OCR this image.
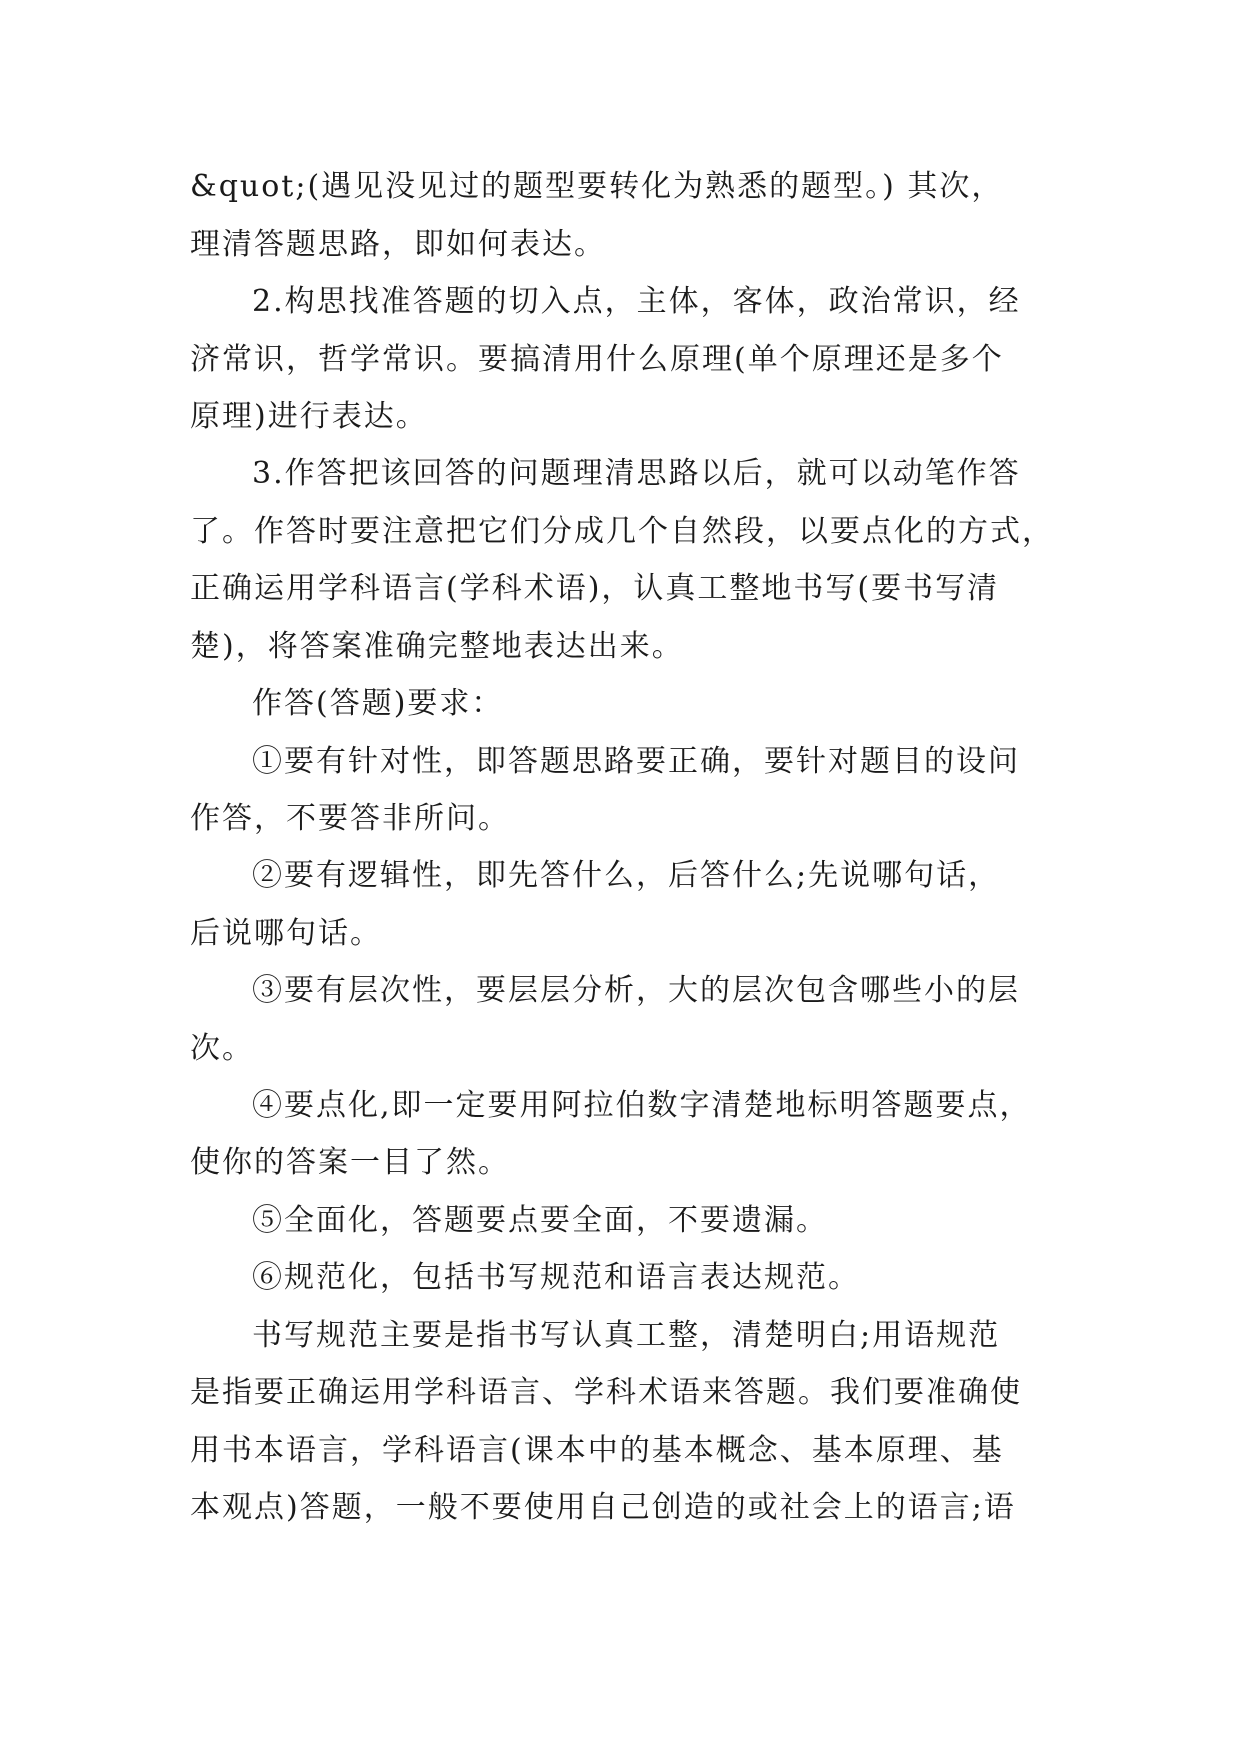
&quot;(遇见没见过的题型要转化为熟悉的题型。) 其次，
理清答题思路，即如何表达。
2.构思找准答题的切入点，主体，客体，政治常识，经
济常识，哲学常识。要搞清用什么原理(单个原理还是多个
原理)进行表达。
3.作答把该回答的问题理清思路以后，就可以动笔作答
了。作答时要注意把它们分成几个自然段，以要点化的方式，
正确运用学科语言(学科术语)，认真工整地书写(要书写清
楚)，将答案准确完整地表达出来。
作答(答题)要求：
①要有针对性，即答题思路要正确，要针对题目的设问
作答，不要答非所问。
②要有逻辑性，即先答什么，后答什么;先说哪句话，
后说哪句话。
③要有层次性，要层层分析，大的层次包含哪些小的层
次。
④要点化,即一定要用阿拉伯数字清楚地标明答题要点，
使你的答案一目了然。
⑤全面化，答题要点要全面，不要遗漏。
⑥规范化，包括书写规范和语言表达规范。
书写规范主要是指书写认真工整，清楚明白;用语规范
是指要正确运用学科语言、学科术语来答题。我们要准确使
用书本语言，学科语言(课本中的基本概念、基本原理、基
本观点)答题，一般不要使用自己创造的或社会上的语言;语
